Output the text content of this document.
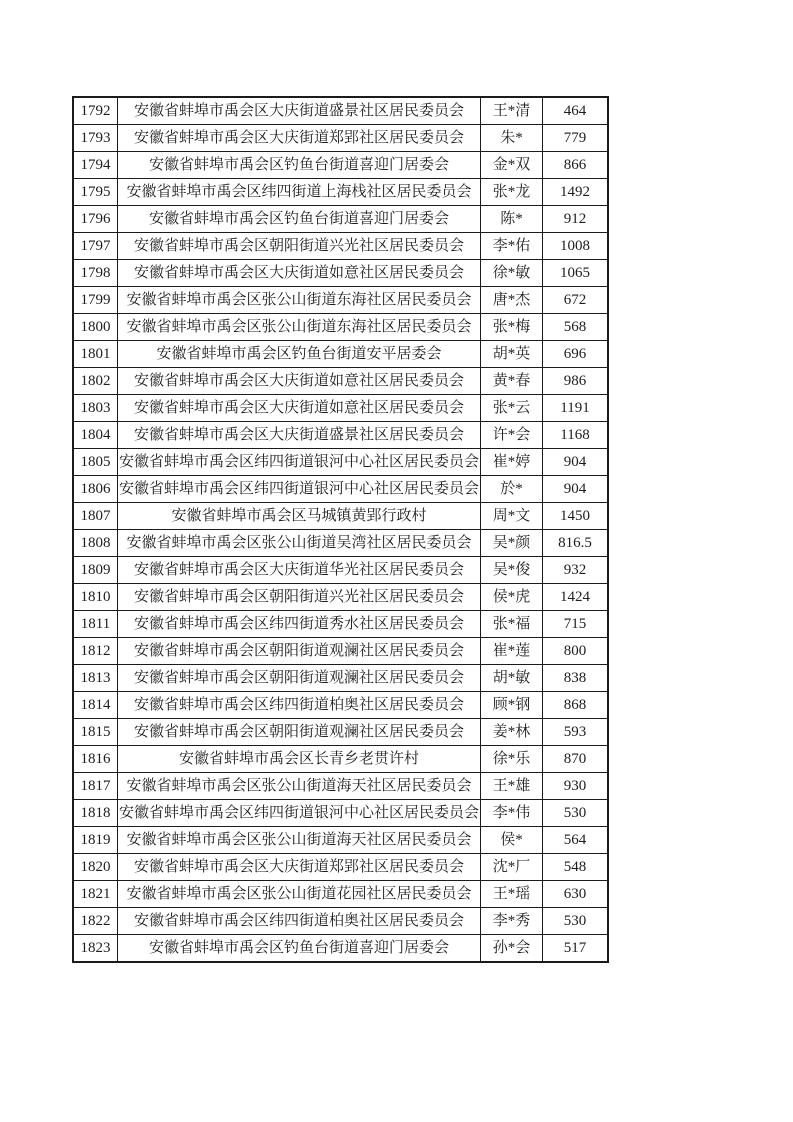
1792	安徽省蚌埠市禹会区大庆街道盛景社区居民委员会	王*清	464
1793	安徽省蚌埠市禹会区大庆街道郑郢社区居民委员会	朱*	779
1794	安徽省蚌埠市禹会区钓鱼台街道喜迎门居委会	金*双	866
1795	安徽省蚌埠市禹会区纬四街道上海栈社区居民委员会	张*龙	1492
1796	安徽省蚌埠市禹会区钓鱼台街道喜迎门居委会	陈*	912
1797	安徽省蚌埠市禹会区朝阳街道兴光社区居民委员会	李*佑	1008
1798	安徽省蚌埠市禹会区大庆街道如意社区居民委员会	徐*敏	1065
1799	安徽省蚌埠市禹会区张公山街道东海社区居民委员会	唐*杰	672
1800	安徽省蚌埠市禹会区张公山街道东海社区居民委员会	张*梅	568
1801	安徽省蚌埠市禹会区钓鱼台街道安平居委会	胡*英	696
1802	安徽省蚌埠市禹会区大庆街道如意社区居民委员会	黄*春	986
1803	安徽省蚌埠市禹会区大庆街道如意社区居民委员会	张*云	1191
1804	安徽省蚌埠市禹会区大庆街道盛景社区居民委员会	许*会	1168
1805	安徽省蚌埠市禹会区纬四街道银河中心社区居民委员会	崔*婷	904
1806	安徽省蚌埠市禹会区纬四街道银河中心社区居民委员会	於*	904
1807	安徽省蚌埠市禹会区马城镇黄郢行政村	周*文	1450
1808	安徽省蚌埠市禹会区张公山街道吴湾社区居民委员会	吴*颜	816.5
1809	安徽省蚌埠市禹会区大庆街道华光社区居民委员会	吴*俊	932
1810	安徽省蚌埠市禹会区朝阳街道兴光社区居民委员会	侯*虎	1424
1811	安徽省蚌埠市禹会区纬四街道秀水社区居民委员会	张*福	715
1812	安徽省蚌埠市禹会区朝阳街道观澜社区居民委员会	崔*莲	800
1813	安徽省蚌埠市禹会区朝阳街道观澜社区居民委员会	胡*敏	838
1814	安徽省蚌埠市禹会区纬四街道柏奥社区居民委员会	顾*钢	868
1815	安徽省蚌埠市禹会区朝阳街道观澜社区居民委员会	姜*林	593
1816	安徽省蚌埠市禹会区长青乡老贯许村	徐*乐	870
1817	安徽省蚌埠市禹会区张公山街道海天社区居民委员会	王*雄	930
1818	安徽省蚌埠市禹会区纬四街道银河中心社区居民委员会	李*伟	530
1819	安徽省蚌埠市禹会区张公山街道海天社区居民委员会	侯*	564
1820	安徽省蚌埠市禹会区大庆街道郑郢社区居民委员会	沈*厂	548
1821	安徽省蚌埠市禹会区张公山街道花园社区居民委员会	王*瑶	630
1822	安徽省蚌埠市禹会区纬四街道柏奥社区居民委员会	李*秀	530
1823	安徽省蚌埠市禹会区钓鱼台街道喜迎门居委会	孙*会	517
